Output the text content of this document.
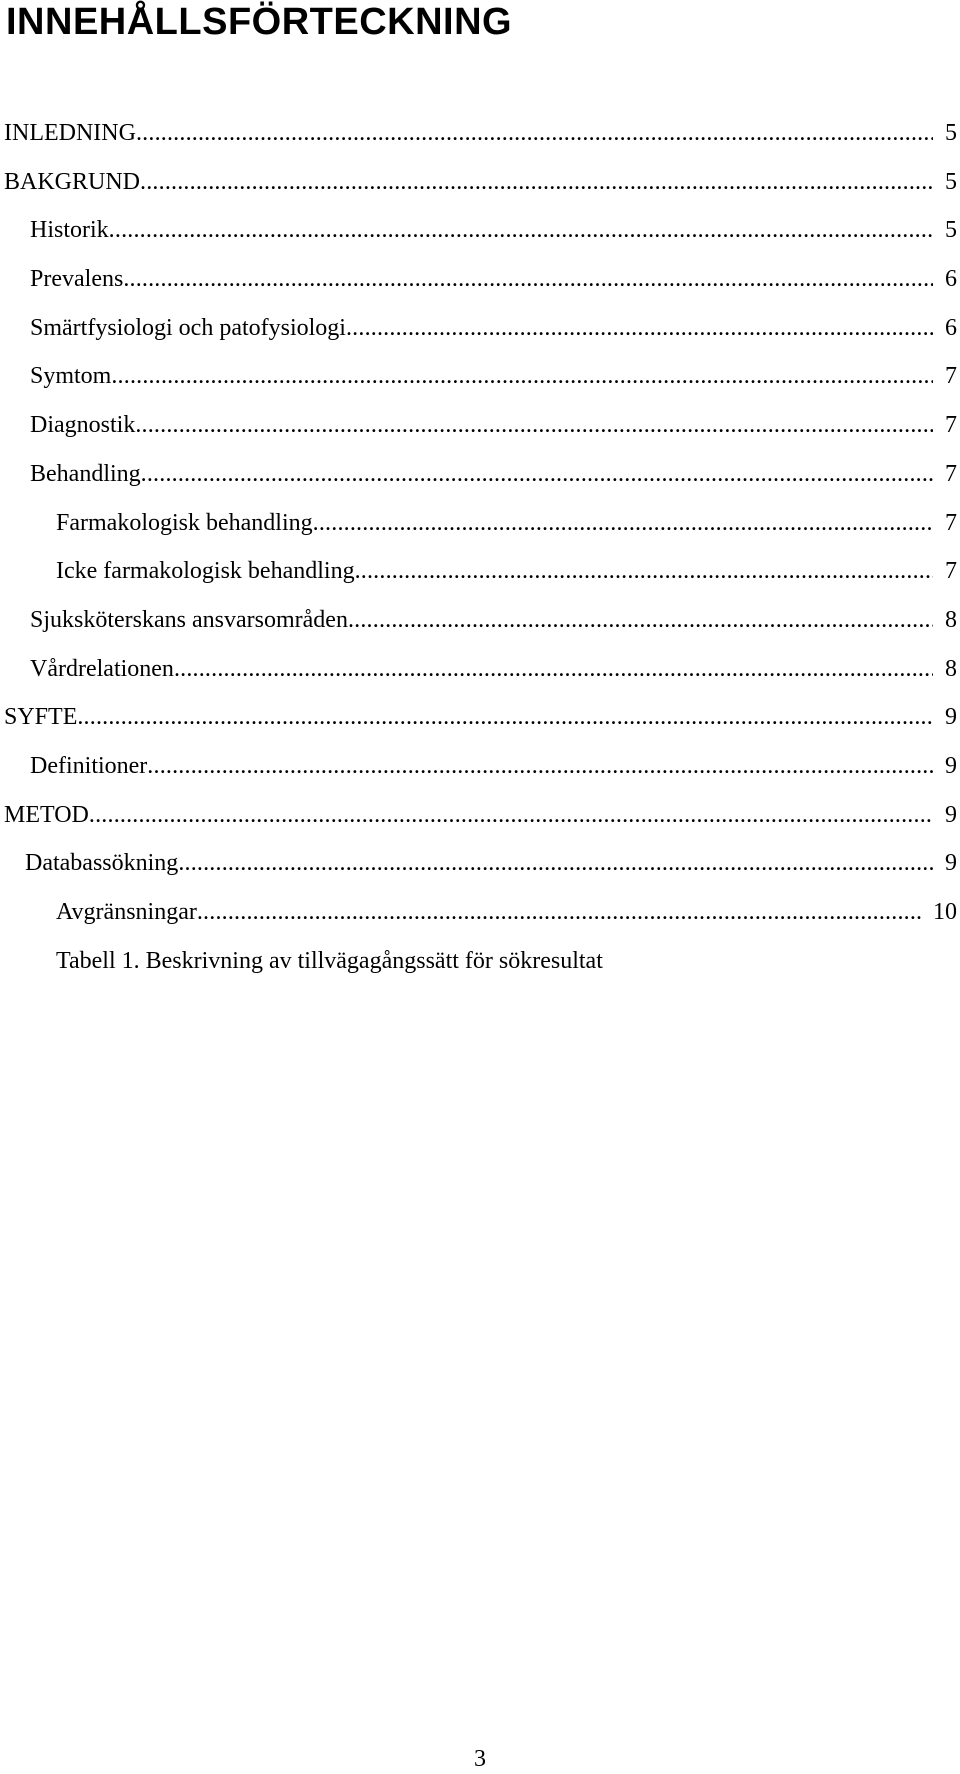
INNEHÅLLSFÖRTECKNING
INLEDNING .....	5
BAKGRUND .....	5
Historik .....	5
Prevalens .....	6
Smärtfysiologi och patofysiologi .....	6
Symtom .....	7
Diagnostik .....	7
Behandling .....	7
Farmakologisk behandling .....	7
Icke farmakologisk behandling .....	7
Sjuksköterskans ansvarsområden .....	8
Vårdrelationen .....	8
SYFTE .....	9
Definitioner .....	9
METOD .....	9
Databassökning .....	9
Avgränsningar .....	10
Tabell 1. Beskrivning av tillvägagångssätt för sökresultat
3
